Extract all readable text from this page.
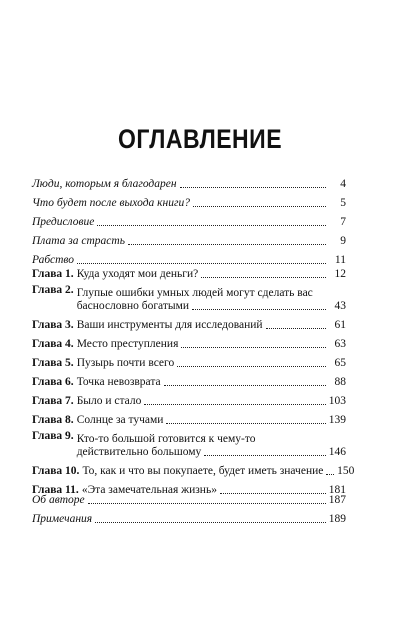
ОГЛАВЛЕНИЕ
Люди, которым я благодарен	4
Что будет после выхода книги?	5
Предисловие	7
Плата за страсть	9
Рабство	11
Глава 1. Куда уходят мои деньги?	12
Глава 2. Глупые ошибки умных людей могут сделать вас
баснословно богатыми	43
Глава 3. Ваши инструменты для исследований	61
Глава 4. Место преступления	63
Глава 5. Пузырь почти всего	65
Глава 6. Точка невозврата	88
Глава 7. Было и стало	103
Глава 8. Солнце за тучами	139
Глава 9. Кто-то большой готовится к чему-то
действительно большому	146
Глава 10. То, как и что вы покупаете, будет иметь значение 150
Глава 11. «Эта замечательная жизнь»	181
Об авторе	187
Примечания	189
